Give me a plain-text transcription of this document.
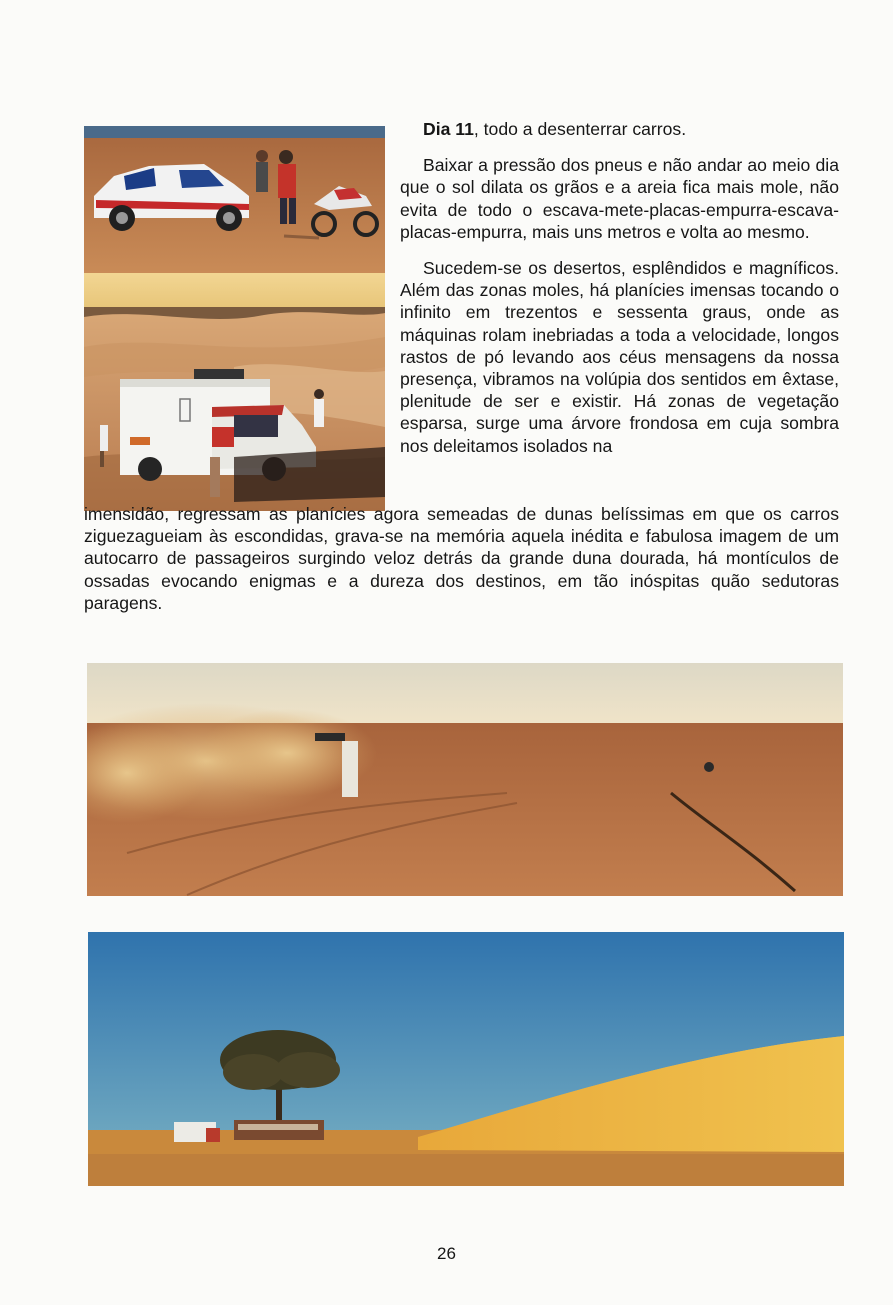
Dia 11, todo a desenterrar carros.

Baixar a pressão dos pneus e não andar ao meio dia que o sol dilata os grãos e a areia fica mais mole, não evita de todo o escava-mete-placas-empurra-escava-placas-empurra, mais uns metros e volta ao mesmo.

Sucedem-se os desertos, esplêndidos e magníficos. Além das zonas moles, há planícies imensas tocando o infinito em trezentos e sessenta graus, onde as máquinas rolam inebriadas a toda a velocidade, longos rastos de pó levando aos céus mensagens da nossa presença, vibramos na volúpia dos sentidos em êxtase, plenitude de ser e existir. Há zonas de vegetação esparsa, surge uma árvore frondosa em cuja sombra nos deleitamos isolados na

imensidão, regressam as planícies agora semeadas de dunas belíssimas em que os carros ziguezagueiam às escondidas, grava-se na memória aquela inédita e fabulosa imagem de um autocarro de passageiros surgindo veloz detrás da grande duna dourada, há montículos de ossadas evocando enigmas e a dureza dos destinos, em tão inóspitas quão sedutoras paragens.

26
